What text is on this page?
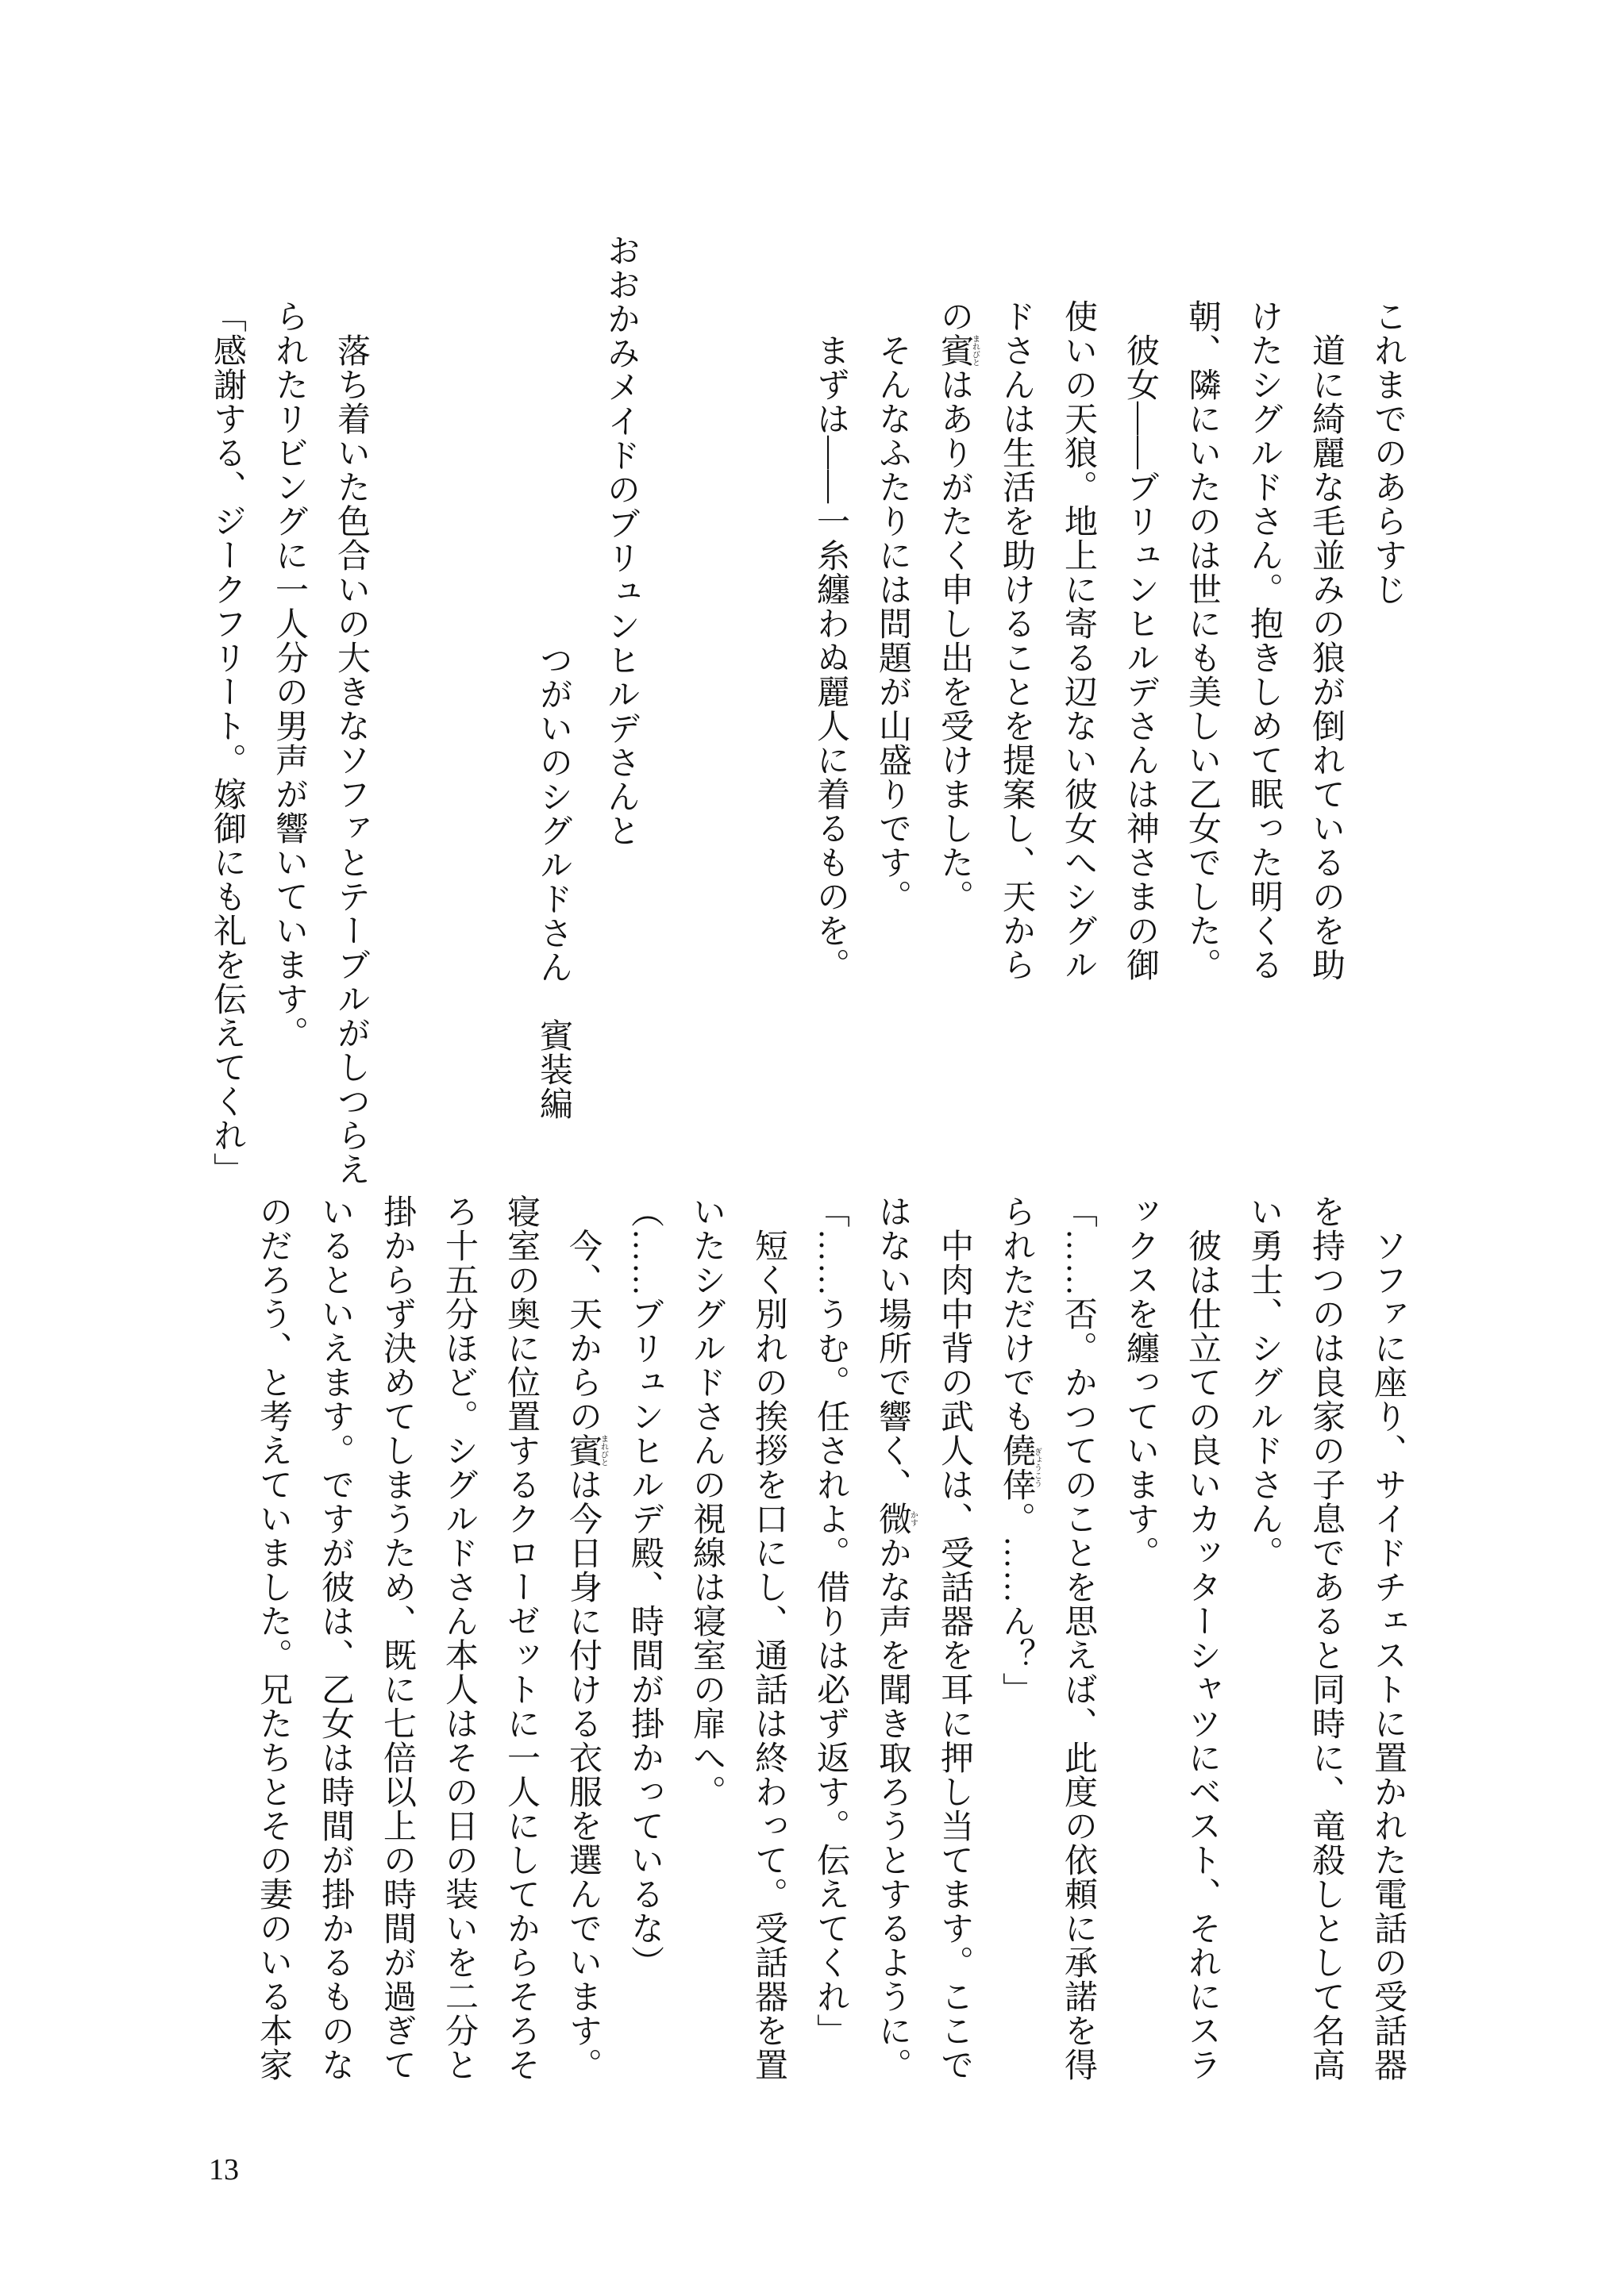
これまでのあらすじ

道に綺麗な毛並みの狼が倒れているのを助けたシグルドさん。抱きしめて眠った明くる朝、隣にいたのは世にも美しい乙女でした。

彼女――ブリュンヒルデさんは神さまの御使いの天狼。地上に寄る辺ない彼女へシグルドさんは生活を助けることを提案し、天からの賓まれびとはありがたく申し出を受けました。

そんなふたりには問題が山盛りです。

まずは――一糸纏わぬ麗人に着るものを。

おおかみメイドのブリュンヒルデさんと

つがいのシグルドさん　賓装編

落ち着いた色合いの大きなソファとテーブルがしつらえられたリビングに一人分の男声が響いています。

「感謝する、ジークフリート。嫁御にも礼を伝えてくれ」

ソファに座り、サイドチェストに置かれた電話の受話器を持つのは良家の子息であると同時に、竜殺しとして名高い勇士、シグルドさん。

彼は仕立ての良いカッターシャツにベスト、それにスラックスを纏っています。

「……否。かつてのことを思えば、此度の依頼に承諾を得られただけでも僥倖ぎょうこう。……ん？」

中肉中背の武人は、受話器を耳に押し当てます。ここではない場所で響く、微かすかな声を聞き取ろうとするように。

「……うむ。任されよ。借りは必ず返す。伝えてくれ」

短く別れの挨拶を口にし、通話は終わって。受話器を置いたシグルドさんの視線は寝室の扉へ。

（……ブリュンヒルデ殿、時間が掛かっているな）

今、天からの賓まれびとは今日身に付ける衣服を選んでいます。寝室の奥に位置するクローゼットに一人にしてからそろそろ十五分ほど。シグルドさん本人はその日の装いを二分と掛からず決めてしまうため、既に七倍以上の時間が過ぎているといえます。ですが彼は、乙女は時間が掛かるものなのだろう、と考えていました。兄たちとその妻のいる本家

13
